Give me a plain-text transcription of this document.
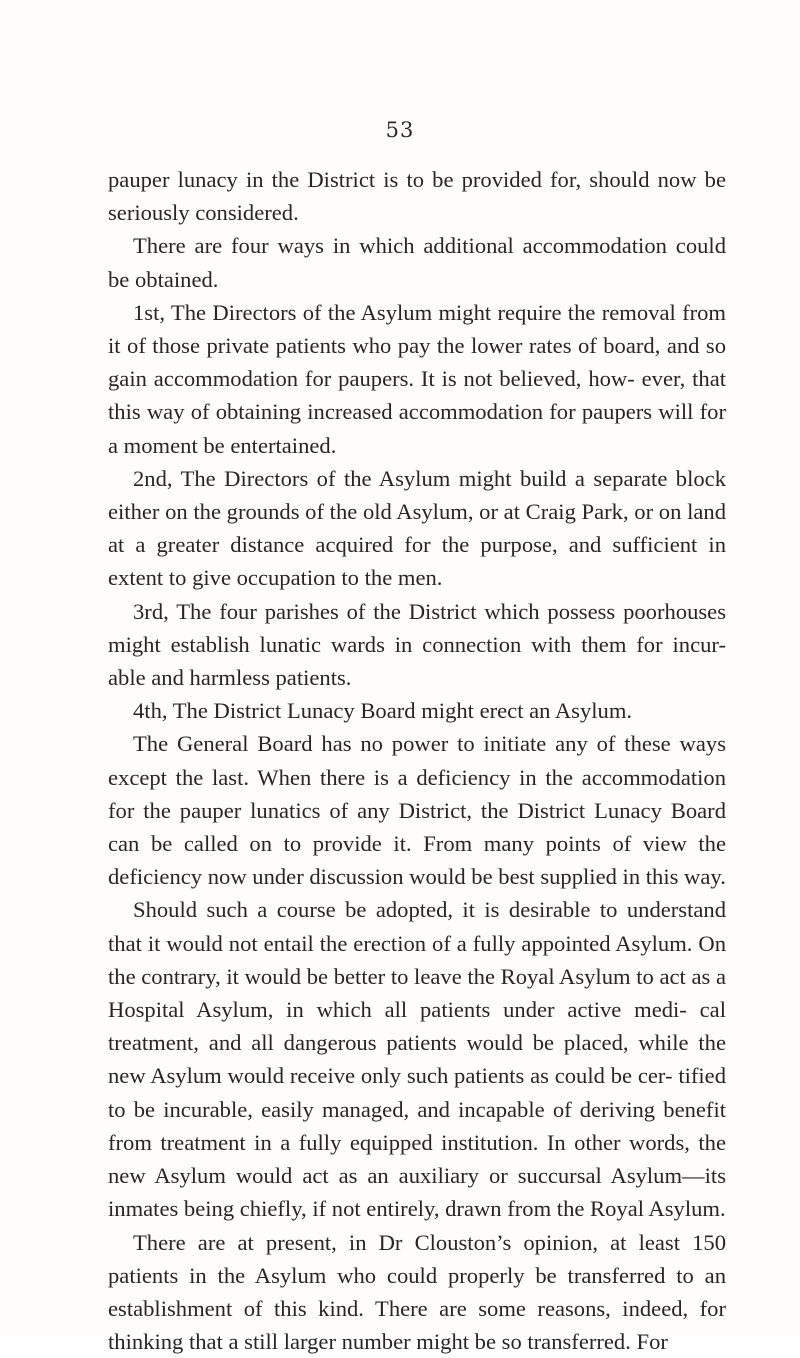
53

pauper lunacy in the District is to be provided for, should now be seriously considered.

There are four ways in which additional accommodation could be obtained.

1st, The Directors of the Asylum might require the removal from it of those private patients who pay the lower rates of board, and so gain accommodation for paupers. It is not believed, how- ever, that this way of obtaining increased accommodation for paupers will for a moment be entertained.

2nd, The Directors of the Asylum might build a separate block either on the grounds of the old Asylum, or at Craig Park, or on land at a greater distance acquired for the purpose, and sufficient in extent to give occupation to the men.

3rd, The four parishes of the District which possess poorhouses might establish lunatic wards in connection with them for incur- able and harmless patients.

4th, The District Lunacy Board might erect an Asylum.

The General Board has no power to initiate any of these ways except the last. When there is a deficiency in the accommodation for the pauper lunatics of any District, the District Lunacy Board can be called on to provide it. From many points of view the deficiency now under discussion would be best supplied in this way.

Should such a course be adopted, it is desirable to understand that it would not entail the erection of a fully appointed Asylum. On the contrary, it would be better to leave the Royal Asylum to act as a Hospital Asylum, in which all patients under active medi- cal treatment, and all dangerous patients would be placed, while the new Asylum would receive only such patients as could be cer- tified to be incurable, easily managed, and incapable of deriving benefit from treatment in a fully equipped institution. In other words, the new Asylum would act as an auxiliary or succursal Asylum—its inmates being chiefly, if not entirely, drawn from the Royal Asylum.

There are at present, in Dr Clouston’s opinion, at least 150 patients in the Asylum who could properly be transferred to an establishment of this kind. There are some reasons, indeed, for thinking that a still larger number might be so transferred. For
